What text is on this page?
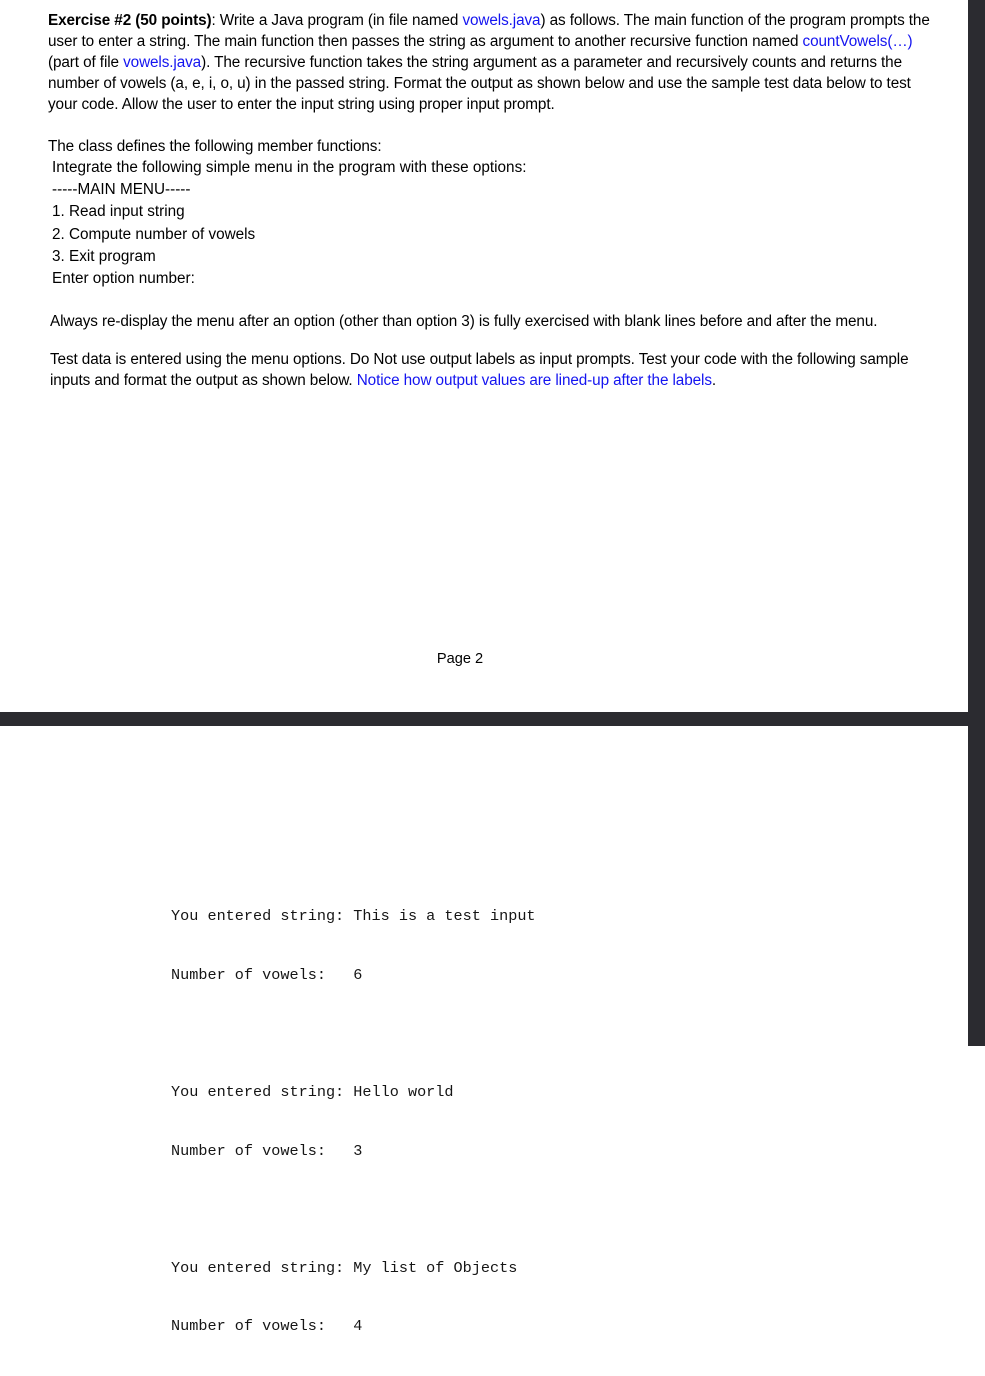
Exercise #2 (50 points): Write a Java program (in file named vowels.java) as follows. The main function of the program prompts the user to enter a string. The main function then passes the string as argument to another recursive function named countVowels(…)(part of file vowels.java). The recursive function takes the string argument as a parameter and recursively counts and returns the number of vowels (a, e, i, o, u) in the passed string. Format the output as shown below and use the sample test data below to test your code. Allow the user to enter the input string using proper input prompt.

The class defines the following member functions:

Integrate the following simple menu in the program with these options:
-----MAIN MENU-----
1. Read input string
2. Compute number of vowels
3. Exit program
Enter option number:

Always re-display the menu after an option (other than option 3) is fully exercised with blank lines before and after the menu.

Test data is entered using the menu options. Do Not use output labels as input prompts. Test your code with the following sample inputs and format the output as shown below. Notice how output values are lined-up after the labels.

Page 2

You entered string: This is a test input

Number of vowels: 6

You entered string: Hello world

Number of vowels: 3

You entered string: My list of Objects

Number of vowels: 4
